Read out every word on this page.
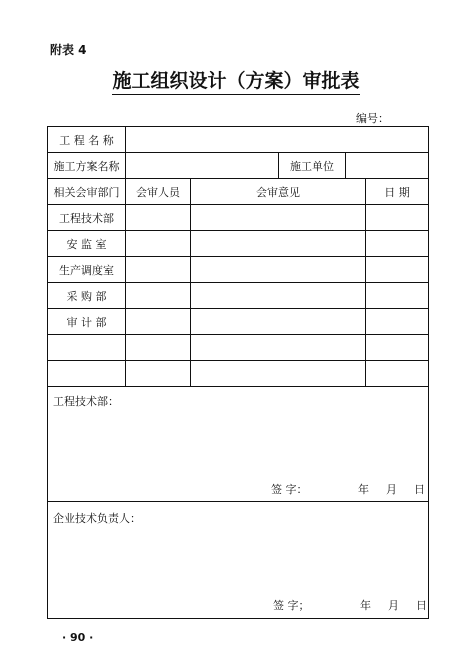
附表 4
施工组织设计（方案）审批表
编号：
工 程 名 称					
施工方案名称			施工单位		
相关会审部门	会审人员	会审意见			日 期
工程技术部					
安 监 室					
生产调度室					
采 购 部					
审 计 部					

工程技术部：
签 字： 年 月 日					

企业技术负责人：
签 字； 年 月 日					
· 90 ·
